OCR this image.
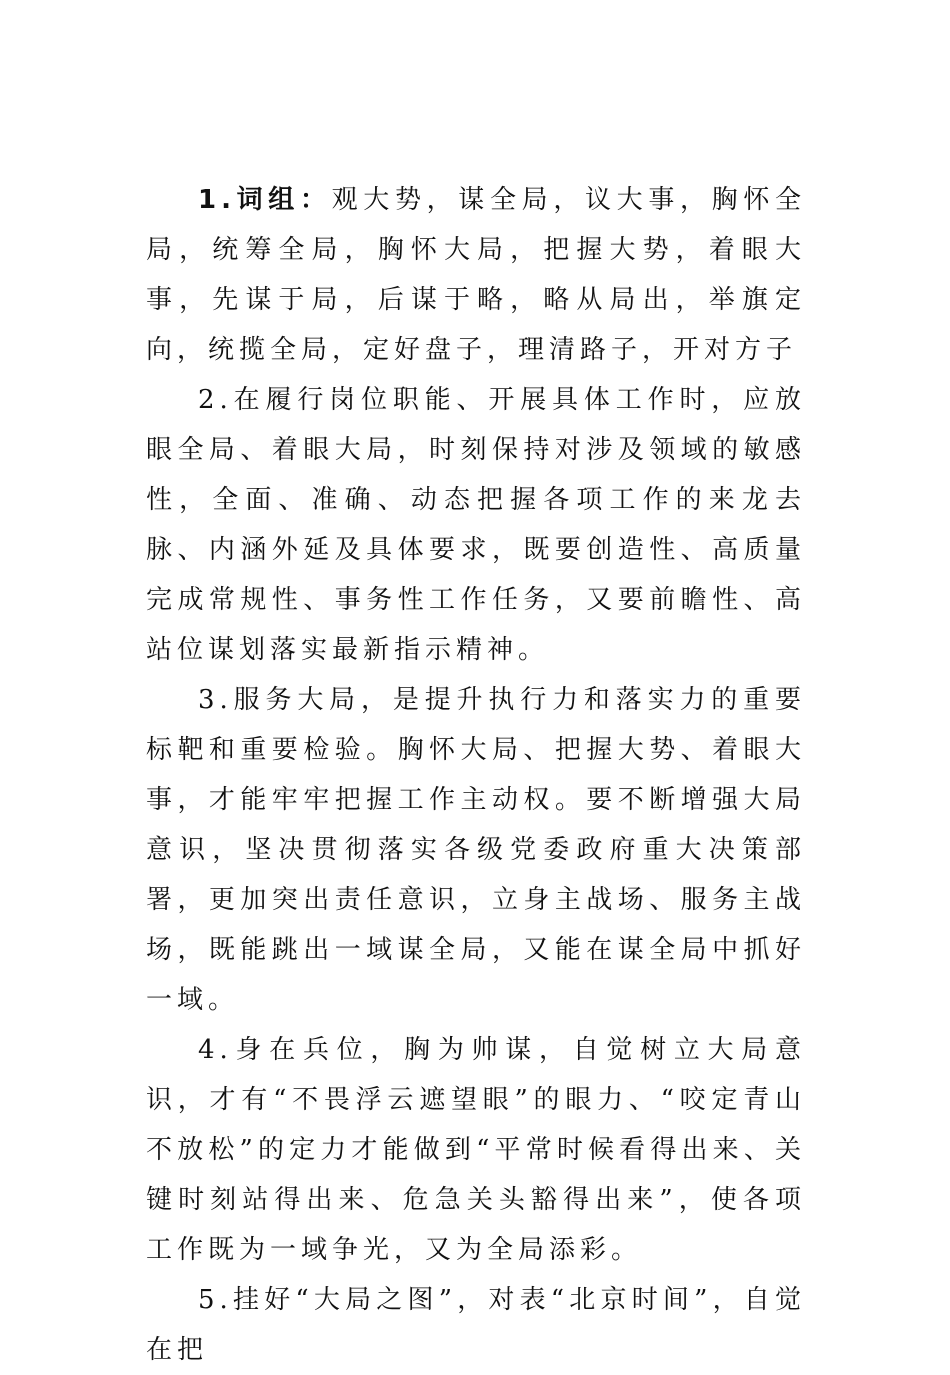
1.词组：观大势，谋全局，议大事，胸怀全局，统筹全局，胸怀大局，把握大势，着眼大事，先谋于局，后谋于略，略从局出，举旗定向，统揽全局，定好盘子，理清路子，开对方子

2.在履行岗位职能、开展具体工作时，应放眼全局、着眼大局，时刻保持对涉及领域的敏感性，全面、准确、动态把握各项工作的来龙去脉、内涵外延及具体要求，既要创造性、高质量完成常规性、事务性工作任务，又要前瞻性、高站位谋划落实最新指示精神。

3.服务大局，是提升执行力和落实力的重要标靶和重要检验。胸怀大局、把握大势、着眼大事，才能牢牢把握工作主动权。要不断增强大局意识，坚决贯彻落实各级党委政府重大决策部署，更加突出责任意识，立身主战场、服务主战场，既能跳出一域谋全局，又能在谋全局中抓好一域。

4.身在兵位，胸为帅谋，自觉树立大局意识，才有“不畏浮云遮望眼”的眼力、“咬定青山不放松”的定力才能做到“平常时候看得出来、关键时刻站得出来、危急关头豁得出来”，使各项工作既为一域争光，又为全局添彩。

5.挂好“大局之图”，对表“北京时间”，自觉在把
